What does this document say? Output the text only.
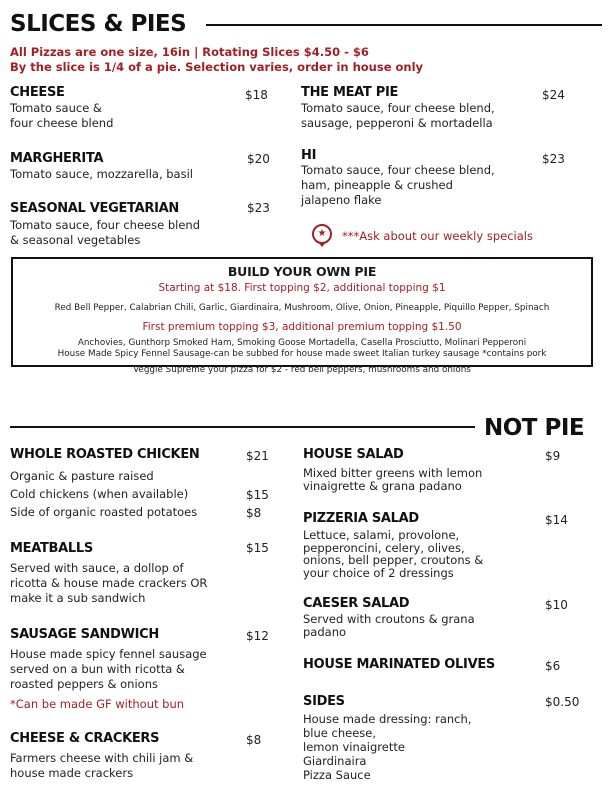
SLICES & PIES
All Pizzas are one size, 16in | Rotating Slices $4.50 - $6
By the slice is 1/4 of a pie. Selection varies, order in house only
CHEESE	$18
Tomato sauce &
four cheese blend
MARGHERITA	$20
Tomato sauce, mozzarella, basil
SEASONAL VEGETARIAN	$23
Tomato sauce, four cheese blend
& seasonal vegetables
THE MEAT PIE	$24
Tomato sauce, four cheese blend,
sausage, pepperoni & mortadella
HI	$23
Tomato sauce, four cheese blend,
ham, pineapple & crushed
jalapeno flake
★	***Ask about our weekly specials
BUILD YOUR OWN PIE
Starting at $18. First topping $2, additional topping $1
Red Bell Pepper, Calabrian Chili, Garlic, Giardinaira, Mushroom, Olive, Onion, Pineapple, Piquillo Pepper, Spinach
First premium topping $3, additional premium topping $1.50
Anchovies, Gunthorp Smoked Ham, Smoking Goose Mortadella, Casella Prosciutto, Molinari Pepperoni
House Made Spicy Fennel Sausage-can be subbed for house made sweet Italian turkey sausage *contains pork
Veggie Supreme your pizza for $2 - red bell peppers, mushrooms and onions
NOT PIE
WHOLE ROASTED CHICKEN	$21
Organic & pasture raised
Cold chickens (when available)	$15
Side of organic roasted potatoes	$8
MEATBALLS	$15
Served with sauce, a dollop of
ricotta & house made crackers OR
make it a sub sandwich
SAUSAGE SANDWICH	$12
House made spicy fennel sausage
served on a bun with ricotta &
roasted peppers & onions
*Can be made GF without bun
CHEESE & CRACKERS	$8
Farmers cheese with chili jam &
house made crackers
HOUSE SALAD	$9
Mixed bitter greens with lemon
vinaigrette & grana padano
PIZZERIA SALAD	$14
Lettuce, salami, provolone,
pepperoncini, celery, olives,
onions, bell pepper, croutons &
your choice of 2 dressings
CAESER SALAD	$10
Served with croutons & grana
padano
HOUSE MARINATED OLIVES	$6
SIDES	$0.50
House made dressing: ranch,
blue cheese,
lemon vinaigrette
Giardinaira
Pizza Sauce
